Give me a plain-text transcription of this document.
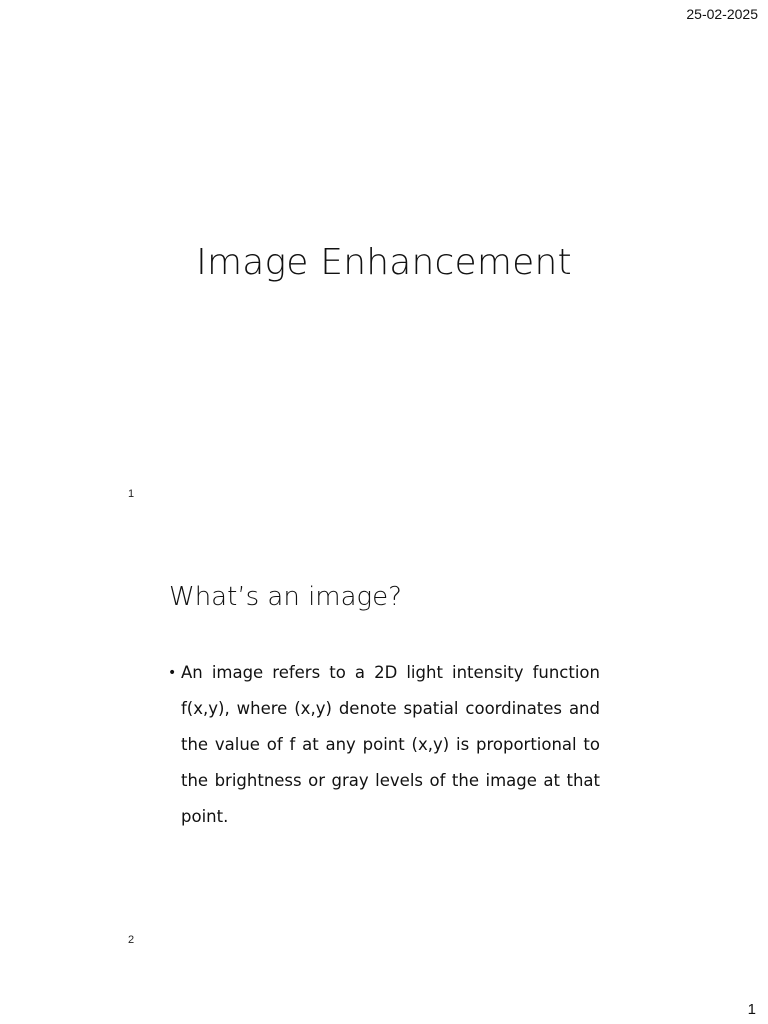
25-02-2025
Image Enhancement
1
What’s an image?
• An image refers to a 2D light intensity function f(x,y), where (x,y) denote spatial coordinates and the value of f at any point (x,y) is proportional to the brightness or gray levels of the image at that point.
2
1
